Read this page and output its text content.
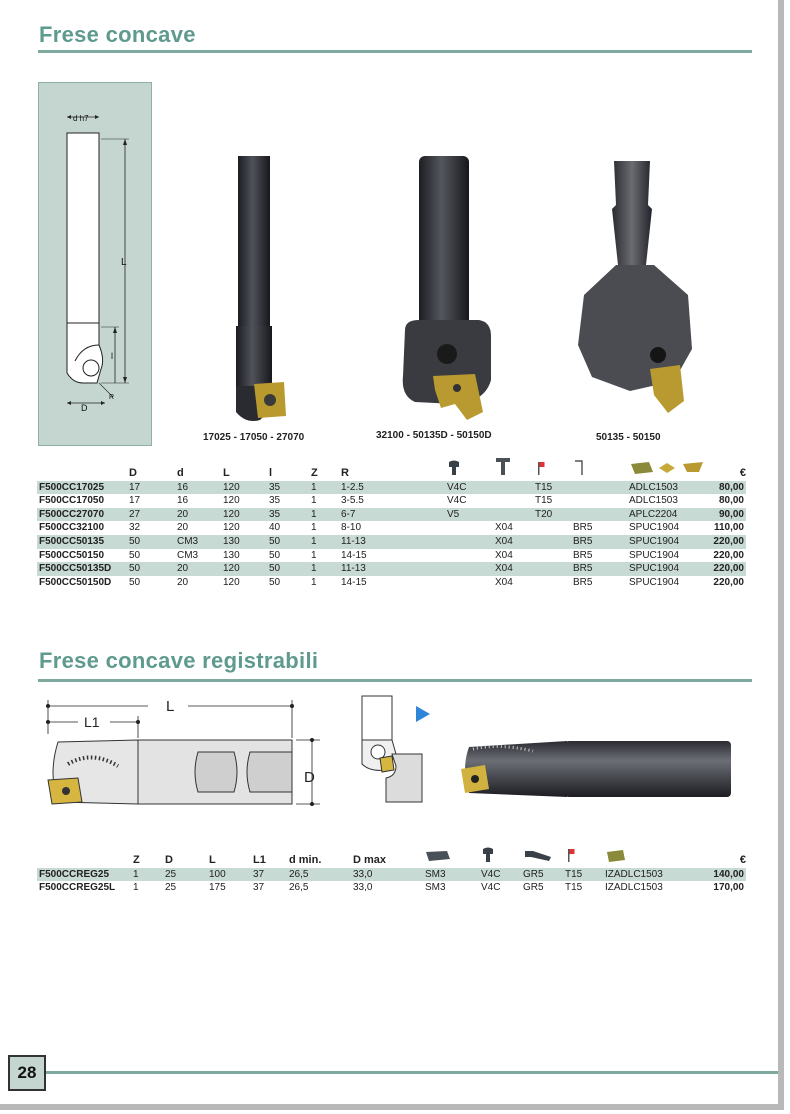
Frese concave
d h7
L
l
D
R
17025 - 17050 - 27070	32100 - 50135D - 50150D	50135 - 50150
	D	d	L	l	Z	R						€
F500CC17025	17	16	120	35	1	1-2.5	V4C		T15		ADLC1503	80,00
F500CC17050	17	16	120	35	1	3-5.5	V4C		T15		ADLC1503	80,00
F500CC27070	27	20	120	35	1	6-7	V5		T20		APLC2204	90,00
F500CC32100	32	20	120	40	1	8-10		X04		BR5	SPUC1904	110,00
F500CC50135	50	CM3	130	50	1	11-13		X04		BR5	SPUC1904	220,00
F500CC50150	50	CM3	130	50	1	14-15		X04		BR5	SPUC1904	220,00
F500CC50135D	50	20	120	50	1	11-13		X04		BR5	SPUC1904	220,00
F500CC50150D	50	20	120	50	1	14-15		X04		BR5	SPUC1904	220,00
Frese concave registrabili
L
L1
D
	Z	D	L	L1	d min.	D max						€
F500CCREG25	1	25	100	37	26,5	33,0	SM3	V4C	GR5	T15	IZADLC1503	140,00
F500CCREG25L	1	25	175	37	26,5	33,0	SM3	V4C	GR5	T15	IZADLC1503	170,00
28
